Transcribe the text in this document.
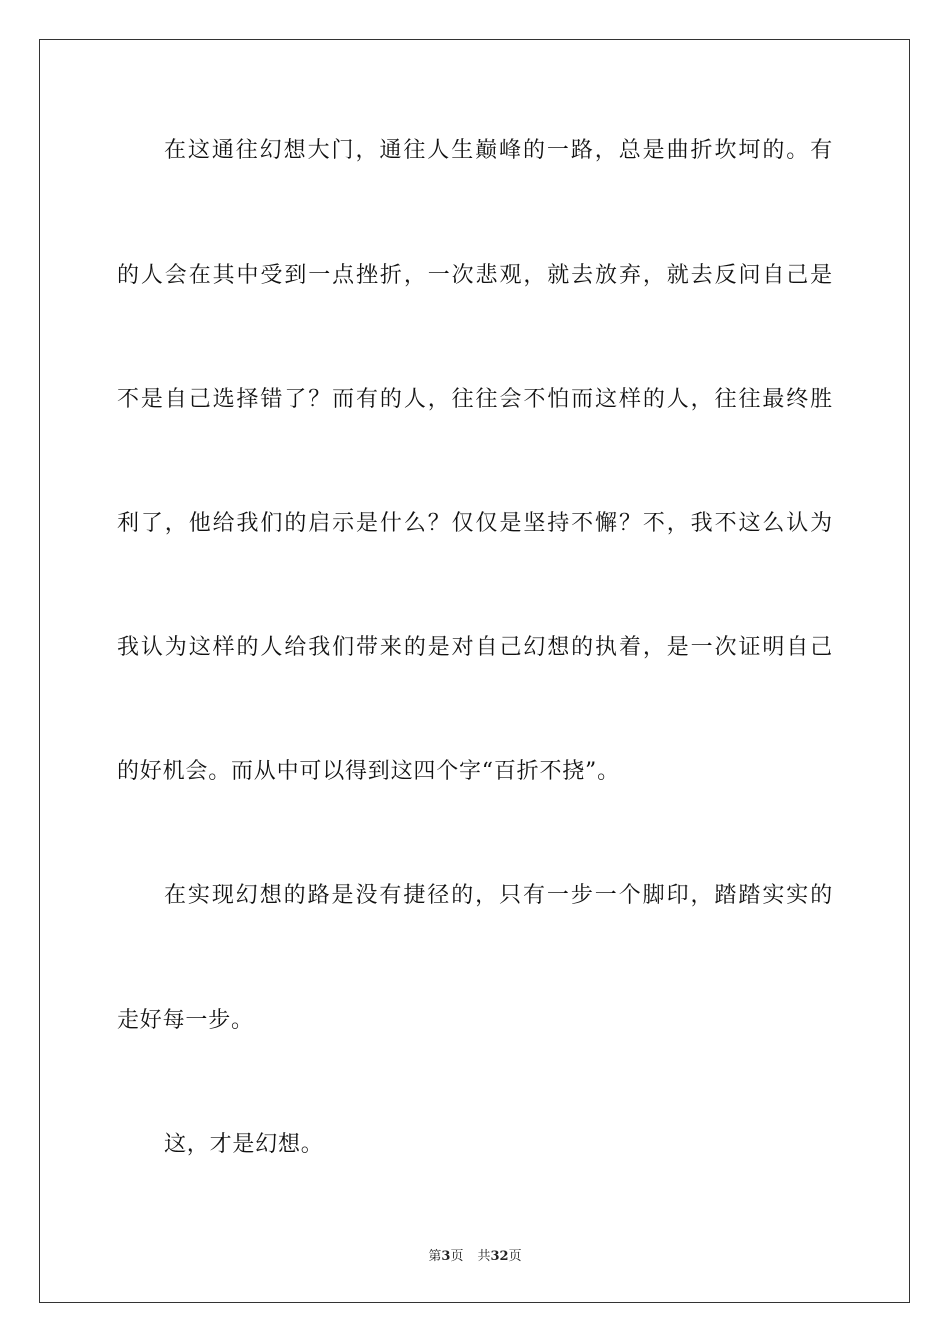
在这通往幻想大门，通往人生巅峰的一路，总是曲折坎坷的。有
的人会在其中受到一点挫折，一次悲观，就去放弃，就去反问自己是
不是自己选择错了？而有的人，往往会不怕而这样的人，往往最终胜
利了，他给我们的启示是什么？仅仅是坚持不懈？不，我不这么认为
我认为这样的人给我们带来的是对自己幻想的执着，是一次证明自己
的好机会。而从中可以得到这四个字“百折不挠”。
在实现幻想的路是没有捷径的，只有一步一个脚印，踏踏实实的
走好每一步。
这，才是幻想。
第3页 共32页
